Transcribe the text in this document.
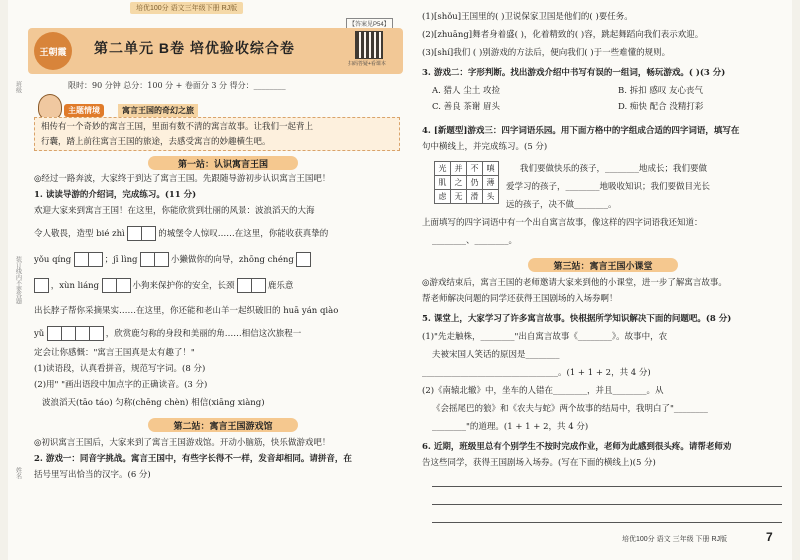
班级
装订线内不要答题
姓名
培优100分 语文三年级下册 RJ版
【答案见P54】
王朝霞	第二单元 B卷 培优验收综合卷
扫码答疑+看课本
限时：90 分钟 总分：100 分 + 卷面分 3 分 得分：________
主题情境	寓言王国的奇幻之旅
相传有一个奇妙的寓言王国，里面有数不清的寓言故事。让我们一起背上
行囊，踏上前往寓言王国的旅途，去感受寓言的妙趣横生吧。
第一站：认识寓言王国
◎经过一路奔波，大家终于到达了寓言王国。先跟随导游初步认识寓言王国吧！
1. 读读导游的介绍词，完成练习。(11 分)
欢迎大家来到寓言王国！在这里，你能欣赏到壮丽的风景：波浪滔天的大海
令人敬畏，造型 bié zhì	的城堡令人惊叹……在这里，你能收获真挚的
yǒu qíng	；jī lìng	小獭做你的向导，zhōng chéng
，xùn liáng	小狗来保护你的安全，长颈	鹿乐意
出长脖子帮你采摘果实……在这里，你还能和老山羊一起织破旧的 huā yán qiào
yǔ	，欣赏鹿匀称的身段和美丽的角……相信这次旅程一
定会让你感慨："寓言王国真是太有趣了！"
(1)读语段，认真看拼音，规范写字词。(8 分)
(2)用" "画出语段中加点字的正确读音。(3 分)
波浪滔天(tāo táo) 匀称(chēng chèn) 相信(xiāng xiàng)
第二站：寓言王国游戏馆
◎初识寓言王国后，大家来到了寓言王国游戏馆。开动小脑筋，快乐做游戏吧！
2. 游戏一：同音字挑战。寓言王国中，有些字长得不一样，发音却相同。请拼音，在
括号里写出恰当的汉字。(6 分)
(1)[shǒu]王国里的( )卫说保家卫国是他们的( )要任务。
(2)[zhuāng]舞者身着盛( )，化着精致的( )容，跳起舞蹈向我们表示欢迎。
(3)[shí]我们 ( )别游戏的方法后，便向我们( )于一些难懂的规则。
3. 游戏二：字形判断。找出游戏介绍中书写有误的一组词，畅玩游戏。( )(3 分)
A. 猎人 尘土 攻捡	B. 拆扣 感叹 友心丧气
C. 善良 茶谢 眉头	D. 痴快 配合 没精打彩
4. [新题型]游戏三：四字词语乐园。用下面方格中的字组成合适的四字词语，填写在
句中横线上，并完成练习。(5 分)
光	并	不	嗔
肌	之	仍	薄
虑	无	滑	头
我们要做快乐的孩子，________地成长；我们要做
爱学习的孩子，________地吸收知识；我们要做目光长
远的孩子，决不做________。
上面填写的四字词语中有一个出自寓言故事，像这样的四字词语我还知道：
________、________。
第三站：寓言王国小课堂
◎游戏结束后，寓言王国的老师邀请大家来到他的小课堂，进一步了解寓言故事。
帮老师解决问题的同学还获得王国剧场的入场券啊！
5. 课堂上，大家学习了许多寓言故事。快根据所学知识解决下面的问题吧。(8 分)
(1)"先走触株，________"出自寓言故事《________》。故事中，农
夫被宋国人笑话的原因是________
________________________________。(1 + 1 + 2，共 4 分)
(2)《南辕北辙》中，坐车的人错在________，并且________。从
《会摇尾巴的狼》和《农夫与蛇》两个故事的结局中，我明白了"________
________"的道理。(1 + 1 + 2，共 4 分)
6. 近期，班级里总有个别学生不按时完成作业，老师为此感到很头疼。请帮老师劝
告这些同学，获得王国剧场入场券。(写在下面的横线上)(5 分)
培优100分 语文 三年级 下册 RJ版	7
